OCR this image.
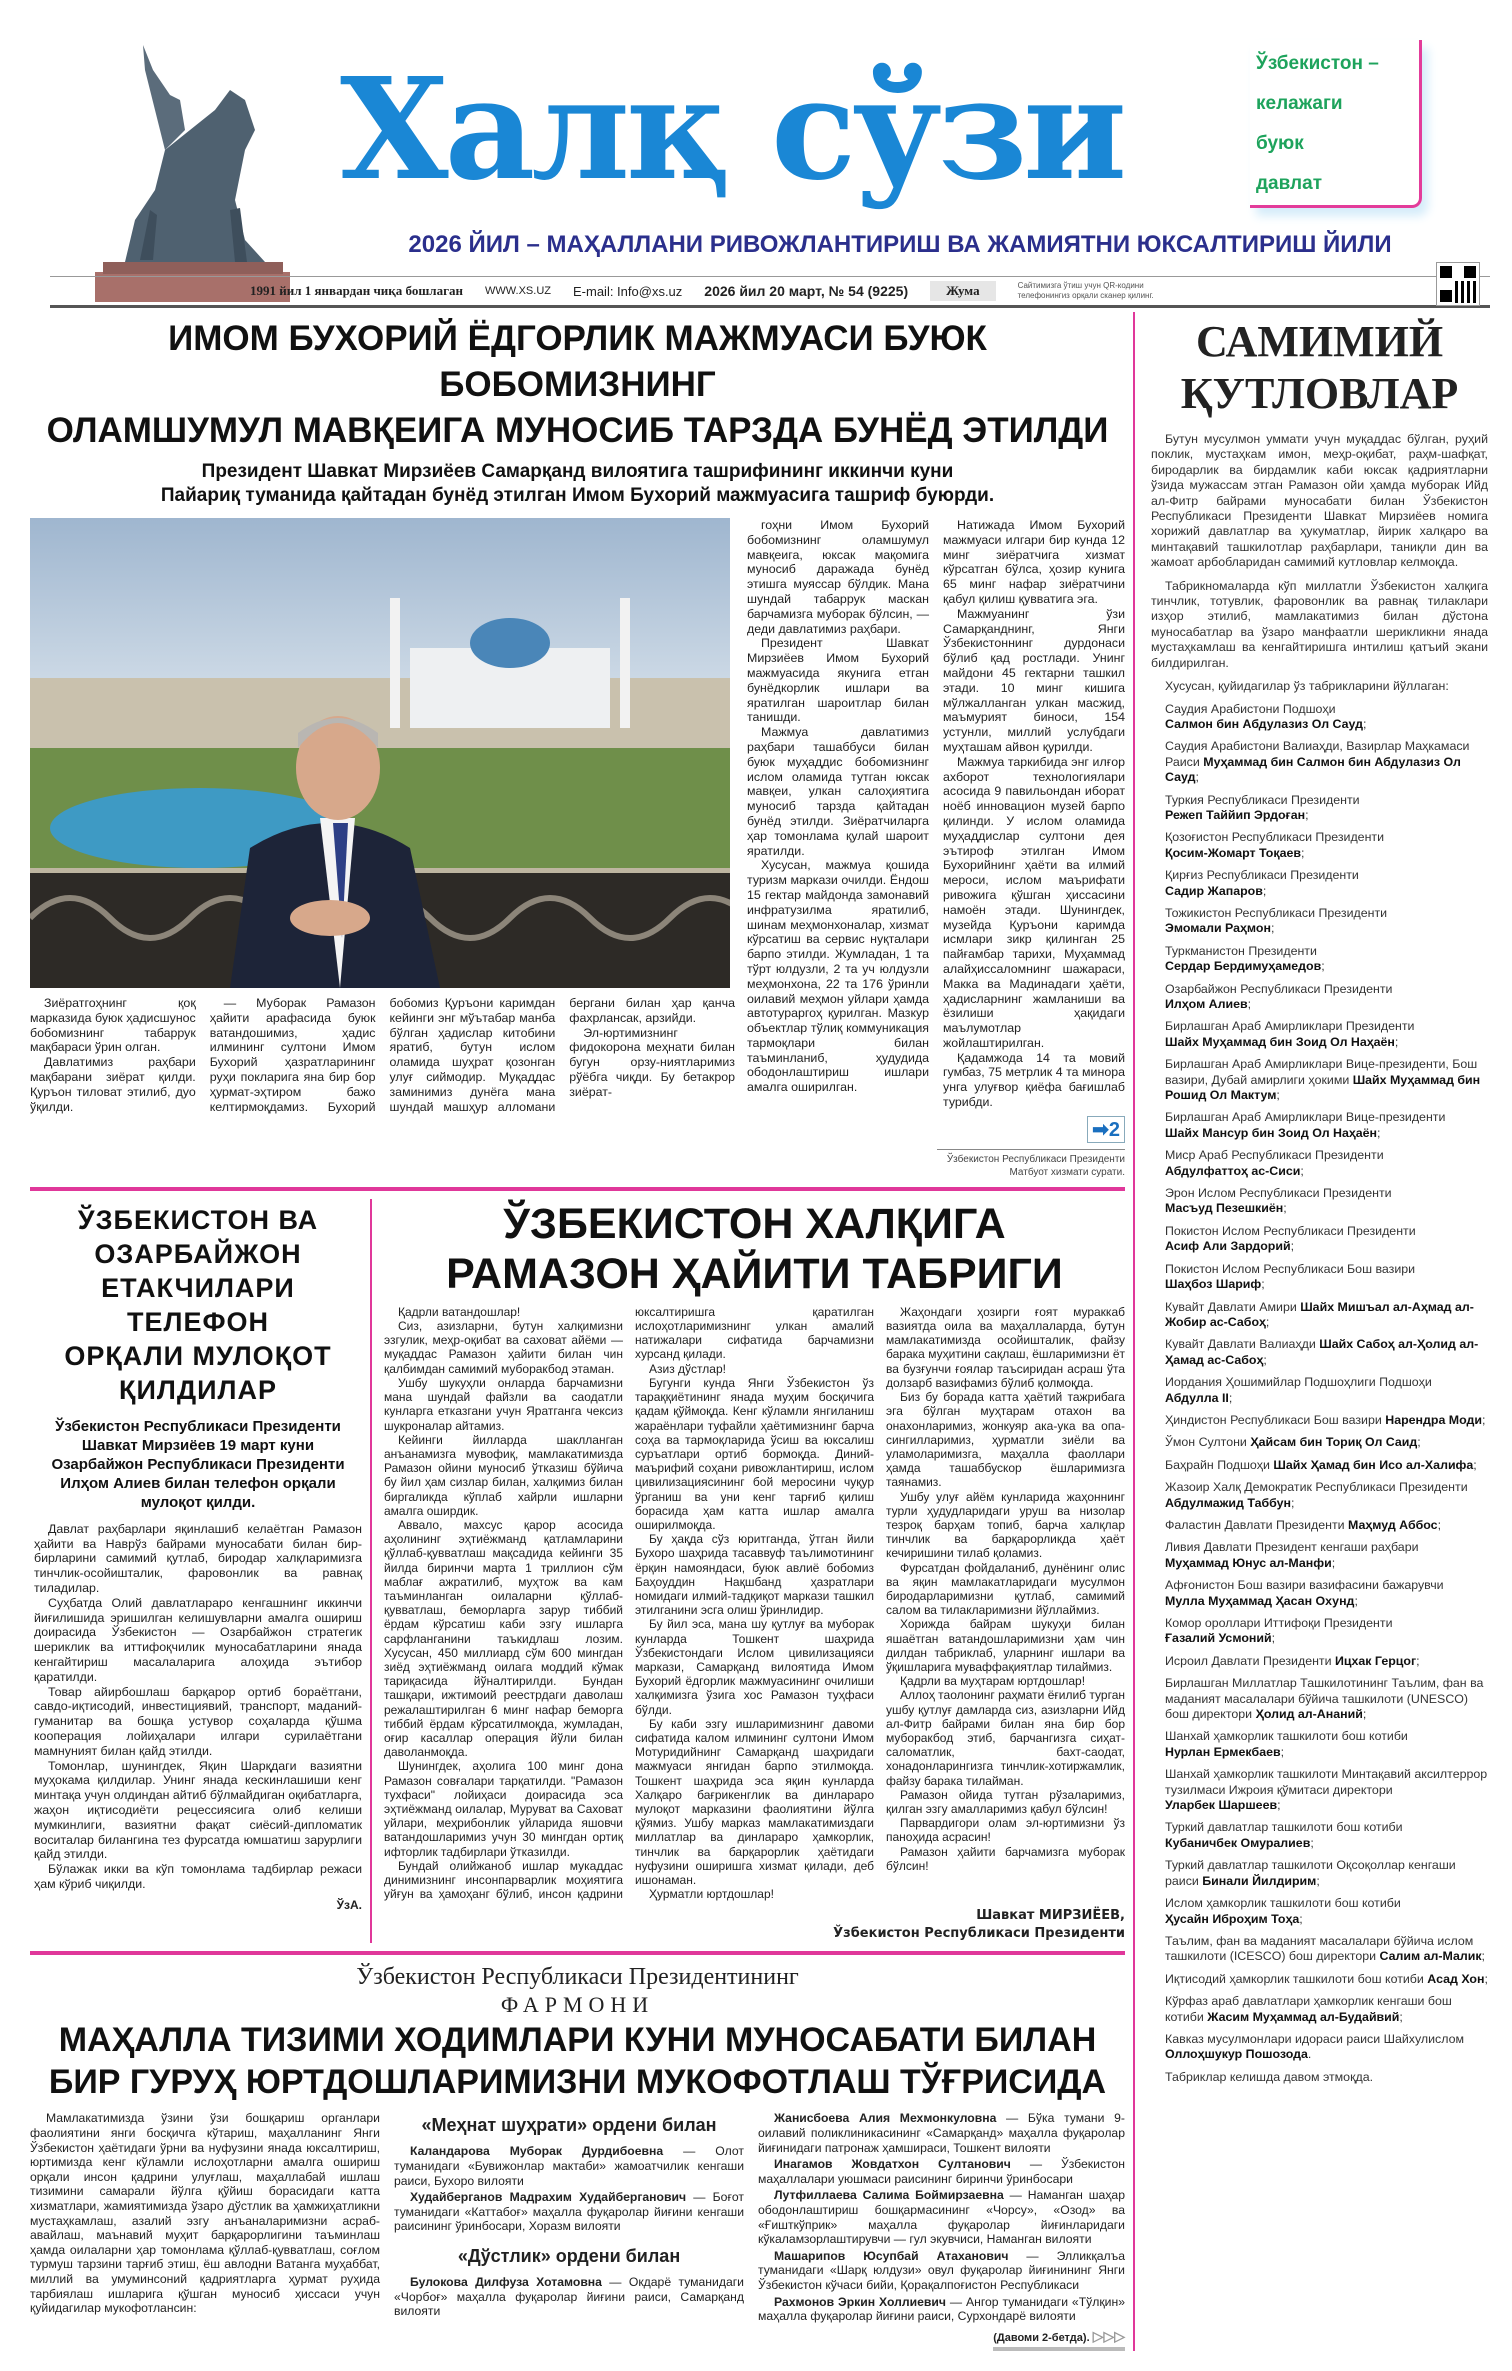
Халқ сўзи	Ўзбекистон –
келажаги
буюк
давлат
2026 ЙИЛ – МАҲАЛЛАНИ РИВОЖЛАНТИРИШ ВА ЖАМИЯТНИ ЮКСАЛТИРИШ ЙИЛИ
1991 йил 1 январдан чиқа бошлаган WWW.XS.UZ E-mail: Info@xs.uz 2026 йил 20 март, № 54 (9225)	Жума	Сайтимизга ўтиш учун QR-кодини телефонингиз орқали сканер қилинг.
ИМОМ БУХОРИЙ ЁДГОРЛИК МАЖМУАСИ БУЮК БОБОМИЗНИНГ
ОЛАМШУМУЛ МАВҚЕИГА МУНОСИБ ТАРЗДА БУНЁД ЭТИЛДИ
Президент Шавкат Мирзиёев Самарқанд вилоятига ташрифининг иккинчи куни
Пайариқ туманида қайтадан бунёд этилган Имом Бухорий мажмуасига ташриф буюрди.

Зиёратгоҳнинг қоқ марказида буюк ҳадисшунос бобомизнинг табаррук мақбараси ўрин олган.

Давлатимиз раҳбари мақбарани зиёрат қилди. Қуръон тиловат этилиб, дуо ўқилди.

— Муборак Рамазон ҳайити арафасида буюк ватандошимиз, ҳадис илмининг султони Имом Бухорий ҳазратларининг руҳи покларига яна бир бор ҳурмат-эҳтиром бажо келтирмоқдамиз. Бухорий бобомиз Қуръони каримдан кейинги энг мўътабар манба бўлган ҳадислар китобини яратиб, бутун ислом оламида шуҳрат қозонган улуғ сиймодир. Муқаддас заминимиз дунёга мана шундай машҳур алломани бергани билан ҳар қанча фахрлансак, арзийди.

Эл-юртимизнинг фидокорона меҳнати билан бугун орзу-ниятларимиз рўёбга чиқди. Бу бетакрор зиёрат-

гоҳни Имом Бухорий бобомизнинг оламшумул мавқеига, юксак мақомига муносиб даражада бунёд этишга муяссар бўлдик. Мана шундай табаррук маскан барчамизга муборак бўлсин, — деди давлатимиз раҳбари.

Президент Шавкат Мирзиёев Имом Бухорий мажмуасида якунига етган бунёдкорлик ишлари ва яратилган шароитлар билан танишди.

Мажмуа давлатимиз раҳбари ташаббуси билан буюк муҳаддис бобомизнинг ислом оламида тутган юксак мавқеи, улкан салоҳиятига муносиб тарзда қайтадан бунёд этилди. Зиёратчиларга ҳар томонлама қулай шароит яратилди.

Хусусан, мажмуа қошида туризм маркази очилди. Ёндош 15 гектар майдонда замонавий инфратузилма яратилиб, шинам меҳмонхоналар, хизмат кўрсатиш ва сервис нуқталари барпо этилди. Жумладан, 1 та тўрт юлдузли, 2 та уч юлдузли меҳмонхона, 22 та 176 ўринли оилавий меҳмон уйлари ҳамда автотураргоҳ қурилган. Мазкур объектлар тўлиқ коммуникация тармоқлари билан таъминланиб, ҳудудида ободонлаштириш ишлари амалга оширилган.

Натижада Имом Бухорий мажмуаси илгари бир кунда 12 минг зиёратчига хизмат кўрсатган бўлса, ҳозир кунига 65 минг нафар зиёратчини қабул қилиш қувватига эга.

Мажмуанинг ўзи Самарқанднинг, Янги Ўзбекистоннинг дурдонаси бўлиб қад ростлади. Унинг майдони 45 гектарни ташкил этади. 10 минг кишига мўлжалланган улкан масжид, маъмурият биноси, 154 устунли, миллий услубдаги муҳташам айвон қурилди.

Мажмуа таркибида энг илғор ахборот технологиялари асосида 9 павильондан иборат ноёб инновацион музей барпо қилинди. У ислом оламида муҳаддислар султони дея эътироф этилган Имом Бухорийнинг ҳаёти ва илмий мероси, ислом маърифати ривожига қўшган ҳиссасини намоён этади. Шунингдек, музейда Қуръони каримда исмлари зикр қилинган 25 пайғамбар тарихи, Муҳаммад алайҳиссаломнинг шажараси, Макка ва Мадинадаги ҳаёти, ҳадисларнинг жамланиши ва ёзилиши ҳақидаги маълумотлар жойлаштирилган.

Қадамжода 14 та мовий гумбаз, 75 метрлик 4 та минора унга улуғвор қиёфа бағишлаб турибди.

➡2
Ўзбекистон Республикаси Президенти Матбуот хизмати сурати.
ЎЗБЕКИСТОН ВА
ОЗАРБАЙЖОН
ЕТАКЧИЛАРИ ТЕЛЕФОН
ОРҚАЛИ МУЛОҚОТ
ҚИЛДИЛАР
Ўзбекистон Республикаси Президенти Шавкат Мирзиёев 19 март куни Озарбайжон Республикаси Президенти Илҳом Алиев билан телефон орқали мулоқот қилди.

Давлат раҳбарлари яқинлашиб келаётган Рамазон ҳайити ва Наврўз байрами муносабати билан бир-бирларини самимий қутлаб, биродар халқларимизга тинчлик-осойишталик, фаровонлик ва равнақ тиладилар.

Суҳбатда Олий давлатлараро кенгашнинг иккинчи йиғилишида эришилган келишувларни амалга ошириш доирасида Ўзбекистон — Озарбайжон стратегик шериклик ва иттифоқчилик муносабатларини янада кенгайтириш масалаларига алоҳида эътибор қаратилди.

Товар айирбошлаш барқарор ортиб бораётгани, савдо-иқтисодий, инвестициявий, транспорт, маданий-гуманитар ва бошқа устувор соҳаларда қўшма кооперация лойиҳалари илгари сурилаётгани мамнуният билан қайд этилди.

Томонлар, шунингдек, Яқин Шарқдаги вазиятни муҳокама қилдилар. Унинг янада кескинлашиши кенг минтақа учун олдиндан айтиб бўлмайдиган оқибатларга, жаҳон иқтисодиёти рецессиясига олиб келиши мумкинлиги, вазиятни фақат сиёсий-дипломатик воситалар билангина тез фурсатда юмшатиш зарурлиги қайд этилди.

Бўлажак икки ва кўп томонлама тадбирлар режаси ҳам кўриб чиқилди.

ЎзА.
ЎЗБЕКИСТОН ХАЛҚИГА
РАМАЗОН ҲАЙИТИ ТАБРИГИ

Қадрли ватандошлар!

Сиз, азизларни, бутун халқимизни эзгулик, меҳр-оқибат ва саховат айёми — муқаддас Рамазон ҳайити билан чин қалбимдан самимий муборакбод этаман.

Ушбу шукуҳли онларда барчамизни мана шундай файзли ва саодатли кунларга етказгани учун Яратганга чексиз шукроналар айтамиз.

Кейинги йилларда шаклланган анъанамизга мувофиқ, мамлакатимизда Рамазон ойини муносиб ўтказиш бўйича бу йил ҳам сизлар билан, халқимиз билан биргаликда кўплаб хайрли ишларни амалга оширдик.

Аввало, махсус қарор асосида аҳолининг эҳтиёжманд қатламларини қўллаб-қувватлаш мақсадида кейинги 35 йилда биринчи марта 1 триллион сўм маблағ ажратилиб, муҳтож ва кам таъминланган оилаларни қўллаб-қувватлаш, беморларга зарур тиббий ёрдам кўрсатиш каби эзгу ишларга сарфланганини таъкидлаш лозим. Хусусан, 450 миллиард сўм 600 мингдан зиёд эҳтиёжманд оилага моддий кўмак тариқасида йўналтирилди. Бундан ташқари, ижтимоий реестрдаги даволаш режалаштирилган 6 минг нафар беморга тиббий ёрдам кўрсатилмоқда, жумладан, оғир касаллар операция йўли билан даволанмоқда.

Шунингдек, аҳолига 100 минг дона Рамазон совғалари тарқатилди. "Рамазон тухфаси" лойиҳаси доирасида эса эҳтиёжманд оилалар, Муруват ва Саховат уйлари, меҳрибонлик уйларида яшовчи ватандошларимиз учун 30 мингдан ортиқ ифторлик тадбирлари ўтказилди.

Бундай олийжаноб ишлар мукаддас динимизнинг инсонпарварлик моҳиятига уйғун ва ҳамоҳанг бўлиб, инсон қадрини юксалтиришга қаратилган ислоҳотларимизнинг улкан амалий натижалари сифатида барчамизни хурсанд қилади.

Азиз дўстлар!

Бугунги кунда Янги Ўзбекистон ўз тараққиётининг янада муҳим босқичига қадам қўймоқда. Кенг кўламли янгиланиш жараёнлари туфайли ҳаётимизнинг барча соҳа ва тармоқларида ўсиш ва юксалиш суръатлари ортиб бормоқда. Диний-маърифий соҳани ривожлантириш, ислом цивилизациясининг бой меросини чуқур ўрганиш ва уни кенг тарғиб қилиш борасида ҳам катта ишлар амалга оширилмоқда.

Бу ҳақда сўз юритганда, ўтган йили Бухоро шаҳрида тасаввуф таълимотининг ёрқин намояндаси, буюк авлиё бобомиз Баҳоуддин Нақшбанд ҳазратлари номидаги илмий-тадқиқот маркази ташкил этилганини эсга олиш ўринлидир.

Бу йил эса, мана шу қутлуғ ва муборак кунларда Тошкент шаҳрида Ўзбекистондаги Ислом цивилизацияси маркази, Самарқанд вилоятида Имом Бухорий ёдгорлик мажмуасининг очилиши халқимизга ўзига хос Рамазон туҳфаси бўлди.

Бу каби эзгу ишларимизнинг давоми сифатида калом илмининг султони Имом Мотуридийнинг Самарқанд шаҳридаги мажмуаси янгидан барпо этилмоқда. Тошкент шаҳрида эса яқин кунларда Халқаро бағрикенглик ва динлараро мулоқот марказини фаолиятини йўлга қўямиз. Ушбу марказ мамлакатимиздаги миллатлар ва динлараро ҳамкорлик, тинчлик ва барқарорлик ҳаётидаги нуфузини оширишга хизмат қилади, деб ишонаман.

Ҳурматли юртдошлар!

Жаҳондаги ҳозирги ғоят мураккаб вазиятда оила ва маҳаллаларда, бутун мамлакатимизда осойишталик, файзу барака муҳитини сақлаш, ёшларимизни ёт ва бузғунчи ғоялар таъсиридан асраш ўта долзарб вазифамиз бўлиб қолмоқда.

Биз бу борада катта ҳаётий тажрибага эга бўлган муҳтарам отахон ва онахонларимиз, жонкуяр ака-ука ва опа-сингилларимиз, ҳурматли зиёли ва уламоларимизга, маҳалла фаоллари ҳамда ташаббускор ёшларимизга таянамиз.

Ушбу улуғ айём кунларида жаҳоннинг турли ҳудудларидаги уруш ва низолар тезроқ барҳам топиб, барча халқлар тинчлик ва барқарорликда ҳаёт кечиришини тилаб қоламиз.

Фурсатдан фойдаланиб, дунёнинг олис ва яқин мамлакатларидаги мусулмон биродарларимизни қутлаб, самимий салом ва тилакларимизни йўллаймиз.

Хорижда байрам шукуҳи билан яшаётган ватандошларимизни ҳам чин дилдан табриклаб, уларнинг ишлари ва ўқишларига муваффақиятлар тилаймиз.

Қадрли ва муҳтарам юртдошлар!

Аллоҳ таолонинг раҳмати ёғилиб турган ушбу қутлуғ дамларда сиз, азизларни Ийд ал-Фитр байрами билан яна бир бор муборакбод этиб, барчангизга сиҳат-саломатлик, бахт-саодат, хонадонларингизга тинчлик-хотиржамлик, файзу барака тилайман.

Рамазон ойида тутган рўзаларимиз, қилган эзгу амалларимиз қабул бўлсин!

Парвардигори олам эл-юртимизни ўз паноҳида асрасин!

Рамазон ҳайити барчамизга муборак бўлсин!

Шавкат МИРЗИЁЕВ,
Ўзбекистон Республикаси Президенти
Ўзбекистон Республикаси Президентининг
ФАРМОНИ
МАҲАЛЛА ТИЗИМИ ХОДИМЛАРИ КУНИ МУНОСАБАТИ БИЛАН
БИР ГУРУҲ ЮРТДОШЛАРИМИЗНИ МУКОФОТЛАШ ТЎҒРИСИДА
Мамлакатимизда ўзини ўзи бошқариш органлари фаолиятини янги босқичга кўтариш, маҳалланинг Янги Ўзбекистон ҳаётидаги ўрни ва нуфузини янада юксалтириш, юртимизда кенг кўламли ислоҳотларни амалга ошириш орқали инсон қадрини улуғлаш, маҳаллабай ишлаш тизимини самарали йўлга қўйиш борасидаги катта хизматлари, жамиятимизда ўзаро дўстлик ва ҳамжиҳатликни мустаҳкамлаш, азалий эзгу анъаналаримизни асраб-авайлаш, маънавий муҳит барқарорлигини таъминлаш ҳамда оилаларни ҳар томонлама қўллаб-қувватлаш, соғлом турмуш тарзини тарғиб этиш, ёш авлодни Ватанга муҳаббат, миллий ва умуминсоний қадриятларга ҳурмат руҳида тарбиялаш ишларига қўшган муносиб ҳиссаси учун қуйидагилар мукофотлансин:
«Меҳнат шуҳрати» ордени билан

Каландарова Муборак Дурдибоевна — Олот туманидаги «Бувижонлар мактаби» жамоатчилик кенгаши раиси, Бухоро вилояти

Худайберганов Мадрахим Худайберганович — Боғот туманидаги «Каттабоғ» маҳалла фуқаролар йиғини кенгаши раисининг ўринбосари, Хоразм вилояти

«Дўстлик» ордени билан

Булокова Дилфуза Хотамовна — Окдарё туманидаги «Чорбоғ» маҳалла фуқаролар йиғини раиси, Самарқанд вилояти

Жанисбоева Алия Мехмонкуловна — Бўка тумани 9-оилавий поликлиникасининг «Самарқанд» маҳалла фуқаролар йиғинидаги патронаж ҳамшираси, Тошкент вилояти

Инагамов Жовдатхон Султанович — Ўзбекистон маҳаллалари уюшмаси раисининг биринчи ўринбосари

Лутфиллаева Салима Боймирзаевна — Наманган шаҳар ободонлаштириш бошқармасининг «Чорсу», «Озод» ва «Ғишткўприк» маҳалла фуқаролар йиғинларидаги кўкаламзорлаштирувчи — гул экувчиси, Наманган вилояти

Машарипов Юсупбай Атаханович — Элликқалъа туманидаги «Шарқ юлдузи» овул фуқаролар йиғинининг Янги Ўзбекистон кўчаси бийи, Қорақалпоғистон Республикаси

Рахмонов Эркин Холлиевич — Ангор туманидаги «Тўлқин» маҳалла фуқаролар йиғини раиси, Сурхондарё вилояти

(Давоми 2-бетда). ▷▷▷
САМИМИЙ
ҚУТЛОВЛАР

Бутун мусулмон уммати учун муқаддас бўлган, руҳий поклик, мустаҳкам имон, меҳр-оқибат, раҳм-шафқат, биродарлик ва бирдамлик каби юксак қадриятларни ўзида мужассам этган Рамазон ойи ҳамда муборак Ийд ал-Фитр байрами муносабати билан Ўзбекистон Республикаси Президенти Шавкат Мирзиёев номига хорижий давлатлар ва ҳукуматлар, йирик халқаро ва минтақавий ташкилотлар раҳбарлари, таниқли дин ва жамоат арбобларидан самимий кутловлар келмоқда.

Табрикномаларда кўп миллатли Ўзбекистон халқига тинчлик, тотувлик, фаровонлик ва равнақ тилаклари изҳор этилиб, мамлакатимиз билан дўстона муносабатлар ва ўзаро манфаатли шерикликни янада мустаҳкамлаш ва кенгайтиришга интилиш қатъий экани билдирилган.

Хусусан, қуйидагилар ўз табрикларини йўллаган:

Саудия Арабистони Подшоҳи
Салмон бин Абдулазиз Ол Сауд;

Саудия Арабистони Валиаҳди, Вазирлар Маҳкамаси Раиси Муҳаммад бин Салмон бин Абдулазиз Ол Сауд;

Туркия Республикаси Президенти
Режеп Таййип Эрдоған;

Қозоғистон Республикаси Президенти
Қосим-Жомарт Тоқаев;

Қирғиз Республикаси Президенти
Садир Жапаров;

Тожикистон Республикаси Президенти
Эмомали Раҳмон;

Туркманистон Президенти
Сердар Бердимуҳамедов;

Озарбайжон Республикаси Президенти
Илҳом Алиев;

Бирлашган Араб Амирликлари Президенти
Шайх Муҳаммад бин Зоид Ол Наҳаён;

Бирлашган Араб Амирликлари Вице-президенти, Бош вазири, Дубай амирлиги ҳокими Шайх Муҳаммад бин Рошид Ол Мактум;

Бирлашган Араб Амирликлари Вице-президенти
Шайх Мансур бин Зоид Ол Наҳаён;

Миср Араб Республикаси Президенти
Абдулфаттоҳ ас-Сиси;

Эрон Ислом Республикаси Президенти
Масъуд Пезешкиён;

Покистон Ислом Республикаси Президенти
Асиф Али Зардорий;

Покистон Ислом Республикаси Бош вазири
Шаҳбоз Шариф;

Кувайт Давлати Амири Шайх Мишъал ал-Аҳмад ал-Жобир ас-Сабоҳ;

Кувайт Давлати Валиаҳди Шайх Сабоҳ ал-Ҳолид ал-Ҳамад ас-Сабоҳ;

Иордания Ҳошимийлар Подшоҳлиги Подшоҳи
Абдулла II;

Ҳиндистон Республикаси Бош вазири Нарендра Моди;

Ўмон Султони Ҳайсам бин Ториқ Ол Саид;

Баҳрайн Подшоҳи Шайх Ҳамад бин Исо ал-Халифа;

Жазоир Халқ Демократик Республикаси Президенти
Абдулмажид Таббун;

Фаластин Давлати Президенти Маҳмуд Аббос;

Ливия Давлати Президент кенгаши раҳбари
Муҳаммад Юнус ал-Манфи;

Афғонистон Бош вазири вазифасини бажарувчи
Мулла Муҳаммад Ҳасан Охунд;

Комор ороллари Иттифоқи Президенти
Ғазалий Усмоний;

Исроил Давлати Президенти Ицхак Герцог;

Бирлашган Миллатлар Ташкилотининг Таълим, фан ва маданият масалалари бўйича ташкилоти (UNESCO) бош директори Ҳолид ал-Ананий;

Шанхай ҳамкорлик ташкилоти бош котиби
Нурлан Ермекбаев;

Шанхай ҳамкорлик ташкилоти Минтақавий аксилтеррор тузилмаси Ижроия қўмитаси директори
Уларбек Шаршеев;

Туркий давлатлар ташкилоти бош котиби
Кубаничбек Омуралиев;

Туркий давлатлар ташкилоти Оқсоқоллар кенгаши раиси Бинали Йилдирим;

Ислом ҳамкорлик ташкилоти бош котиби
Ҳусайн Иброҳим Тоҳа;

Таълим, фан ва маданият масалалари бўйича ислом ташкилоти (ICESCO) бош директори Салим ал-Малик;

Иқтисодий ҳамкорлик ташкилоти бош котиби Асад Хон;

Кўрфаз араб давлатлари ҳамкорлик кенгаши бош котиби Жасим Муҳаммад ал-Будайвий;

Кавказ мусулмонлари идораси раиси Шайхулислом
Оллоҳшукур Пошозода.

Табриклар келишда давом этмоқда.
